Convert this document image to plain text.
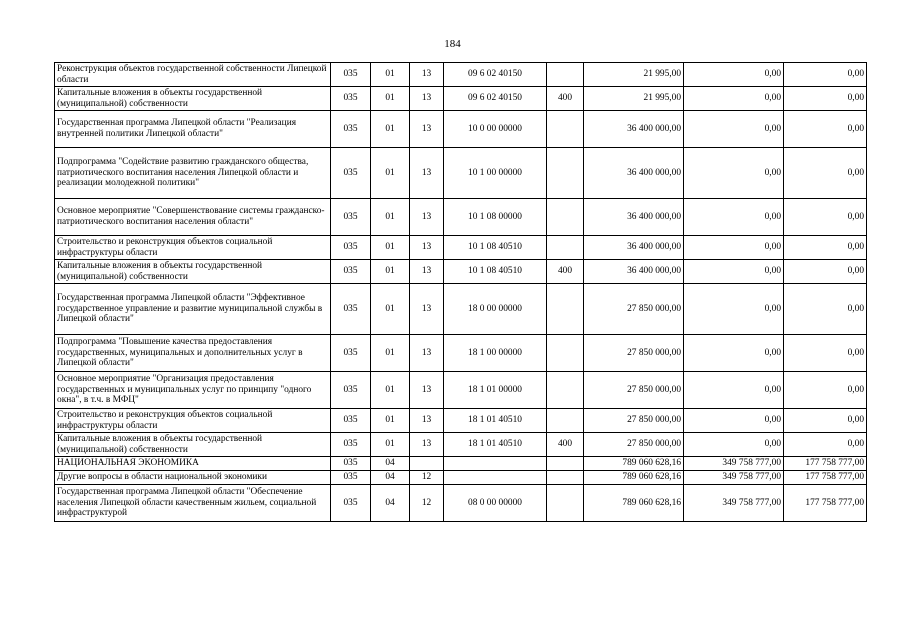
184
Реконструкция объектов государственной собственности Липецкой области	035	01	13	09 6 02 40150		21 995,00	0,00	0,00
Капитальные вложения в объекты государственной (муниципальной) собственности	035	01	13	09 6 02 40150	400	21 995,00	0,00	0,00
Государственная программа Липецкой области "Реализация внутренней политики Липецкой области"	035	01	13	10 0 00 00000		36 400 000,00	0,00	0,00
Подпрограмма "Содействие развитию гражданского общества, патриотического воспитания населения Липецкой области и реализации молодежной политики"	035	01	13	10 1 00 00000		36 400 000,00	0,00	0,00
Основное мероприятие "Совершенствование системы гражданско-патриотического воспитания населения области"	035	01	13	10 1 08 00000		36 400 000,00	0,00	0,00
Строительство и реконструкция объектов социальной инфраструктуры области	035	01	13	10 1 08 40510		36 400 000,00	0,00	0,00
Капитальные вложения в объекты государственной (муниципальной) собственности	035	01	13	10 1 08 40510	400	36 400 000,00	0,00	0,00
Государственная программа Липецкой области "Эффективное государственное управление и развитие муниципальной службы в Липецкой области"	035	01	13	18 0 00 00000		27 850 000,00	0,00	0,00
Подпрограмма "Повышение качества предоставления государственных, муниципальных и дополнительных услуг в Липецкой области"	035	01	13	18 1 00 00000		27 850 000,00	0,00	0,00
Основное мероприятие "Организация предоставления государственных и муниципальных услуг по принципу "одного окна", в т.ч. в МФЦ"	035	01	13	18 1 01 00000		27 850 000,00	0,00	0,00
Строительство и реконструкция объектов социальной инфраструктуры области	035	01	13	18 1 01 40510		27 850 000,00	0,00	0,00
Капитальные вложения в объекты государственной (муниципальной) собственности	035	01	13	18 1 01 40510	400	27 850 000,00	0,00	0,00
НАЦИОНАЛЬНАЯ ЭКОНОМИКА	035	04				789 060 628,16	349 758 777,00	177 758 777,00
Другие вопросы в области национальной экономики	035	04	12			789 060 628,16	349 758 777,00	177 758 777,00
Государственная программа Липецкой области "Обеспечение населения Липецкой области качественным жильем, социальной инфраструктурой	035	04	12	08 0 00 00000		789 060 628,16	349 758 777,00	177 758 777,00
